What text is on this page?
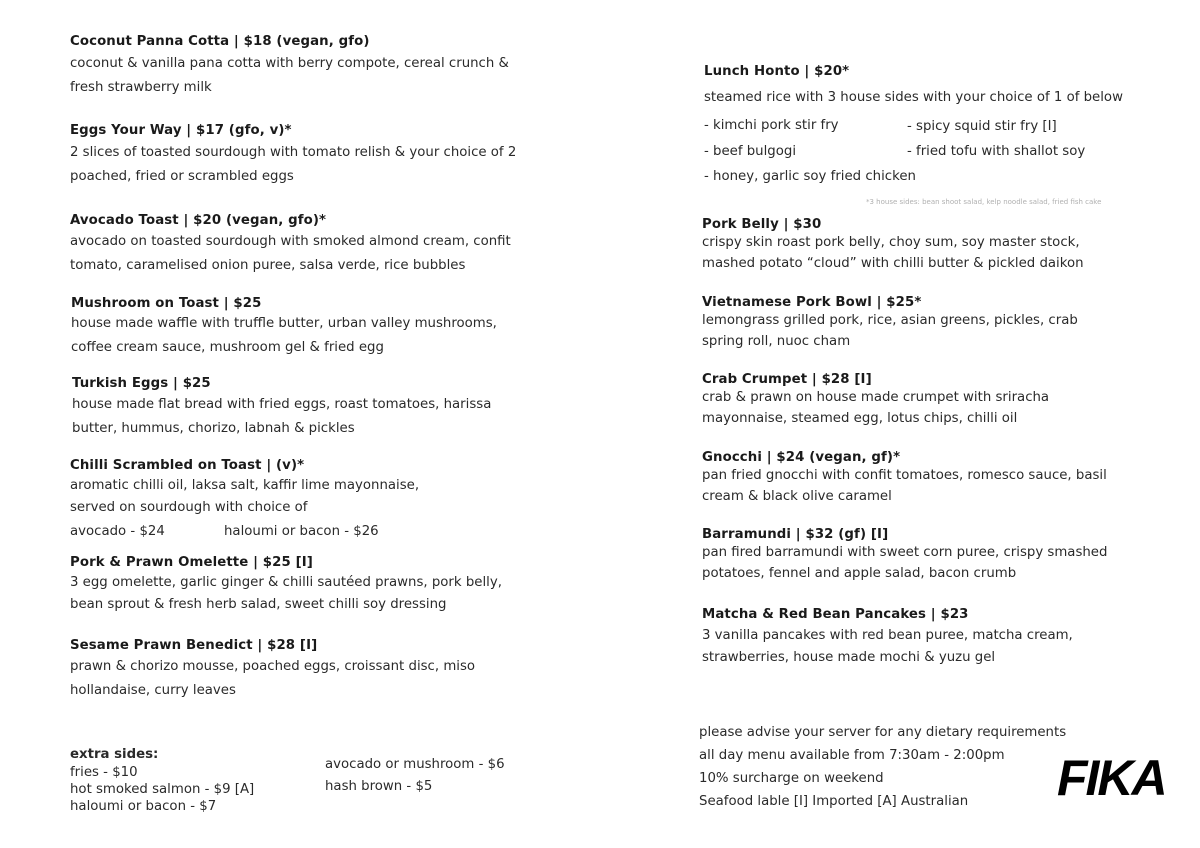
Coconut Panna Cotta | $18 (vegan, gfo)
coconut & vanilla pana cotta with berry compote, cereal crunch &
fresh strawberry milk
Eggs Your Way | $17 (gfo, v)*
2 slices of toasted sourdough with tomato relish & your choice of 2
poached, fried or scrambled eggs
Avocado Toast | $20 (vegan, gfo)*
avocado on toasted sourdough with smoked almond cream, confit
tomato, caramelised onion puree, salsa verde, rice bubbles
Mushroom on Toast | $25
house made waffle with truffle butter, urban valley mushrooms,
coffee cream sauce, mushroom gel & fried egg
Turkish Eggs | $25
house made flat bread with fried eggs, roast tomatoes, harissa
butter, hummus, chorizo, labnah & pickles
Chilli Scrambled on Toast | (v)*
aromatic chilli oil, laksa salt, kaffir lime mayonnaise,
served on sourdough with choice of
avocado - $24	haloumi or bacon - $26
Pork & Prawn Omelette | $25 [I]
3 egg omelette, garlic ginger & chilli sautéed prawns, pork belly,
bean sprout & fresh herb salad, sweet chilli soy dressing
Sesame Prawn Benedict | $28 [I]
prawn & chorizo mousse, poached eggs, croissant disc, miso
hollandaise, curry leaves
extra sides:
fries - $10
hot smoked salmon - $9 [A]
haloumi or bacon - $7
avocado or mushroom - $6
hash brown - $5
Lunch Honto | $20*
steamed rice with 3 house sides with your choice of 1 of below
- kimchi pork stir fry
- beef bulgogi
- honey, garlic soy fried chicken
- spicy squid stir fry [I]
- fried tofu with shallot soy
*3 house sides: bean shoot salad, kelp noodle salad, fried fish cake
Pork Belly | $30
crispy skin roast pork belly, choy sum, soy master stock,
mashed potato “cloud” with chilli butter & pickled daikon
Vietnamese Pork Bowl | $25*
lemongrass grilled pork, rice, asian greens, pickles, crab
spring roll, nuoc cham
Crab Crumpet | $28 [I]
crab & prawn on house made crumpet with sriracha
mayonnaise, steamed egg, lotus chips, chilli oil
Gnocchi | $24 (vegan, gf)*
pan fried gnocchi with confit tomatoes, romesco sauce, basil
cream & black olive caramel
Barramundi | $32 (gf) [I]
pan fired barramundi with sweet corn puree, crispy smashed
potatoes, fennel and apple salad, bacon crumb
Matcha & Red Bean Pancakes | $23
3 vanilla pancakes with red bean puree, matcha cream,
strawberries, house made mochi & yuzu gel
please advise your server for any dietary requirements
all day menu available from 7:30am - 2:00pm
10% surcharge on weekend
Seafood lable [I] Imported [A] Australian	FIKA
